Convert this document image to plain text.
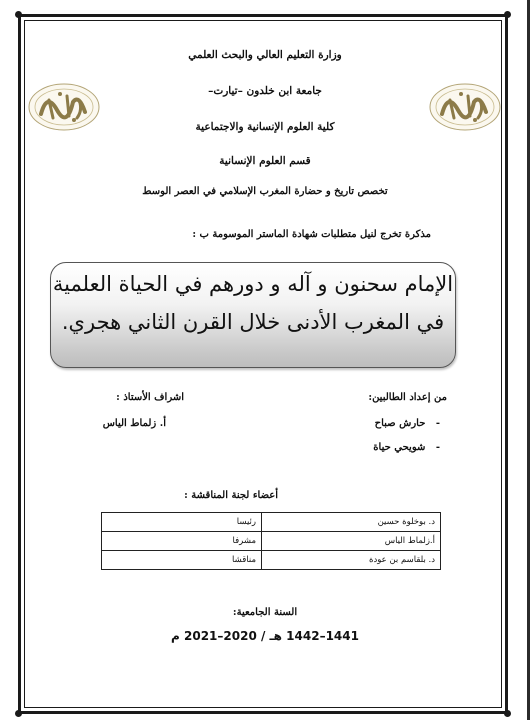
وزارة التعليم العالي والبحث العلمي
جامعة ابن خلدون –تيارت–
كلية العلوم الإنسانية والاجتماعية
قسم العلوم الإنسانية
تخصص تاريخ و حضارة المغرب الإسلامي في العصر الوسط
مذكرة تخرج لنيل متطلبات شهادة الماستر الموسومة ب :
الإمام سحنون و آله و دورهم في الحياة العلمية
في المغرب الأدنى خلال القرن الثاني هجري.
من إعداد الطالبين:
-   حارش صباح
-   شويحي حياة
اشراف الأستاذ :
أ. زلماط الياس
أعضاء لجنة المناقشة :
د. بوخلوة حسين	رئيسا
أ.زلماط الياس	مشرفا
د. بلقاسم بن عودة	مناقشا
السنة الجامعية:
1441–1442 هـ / 2020–2021 م
